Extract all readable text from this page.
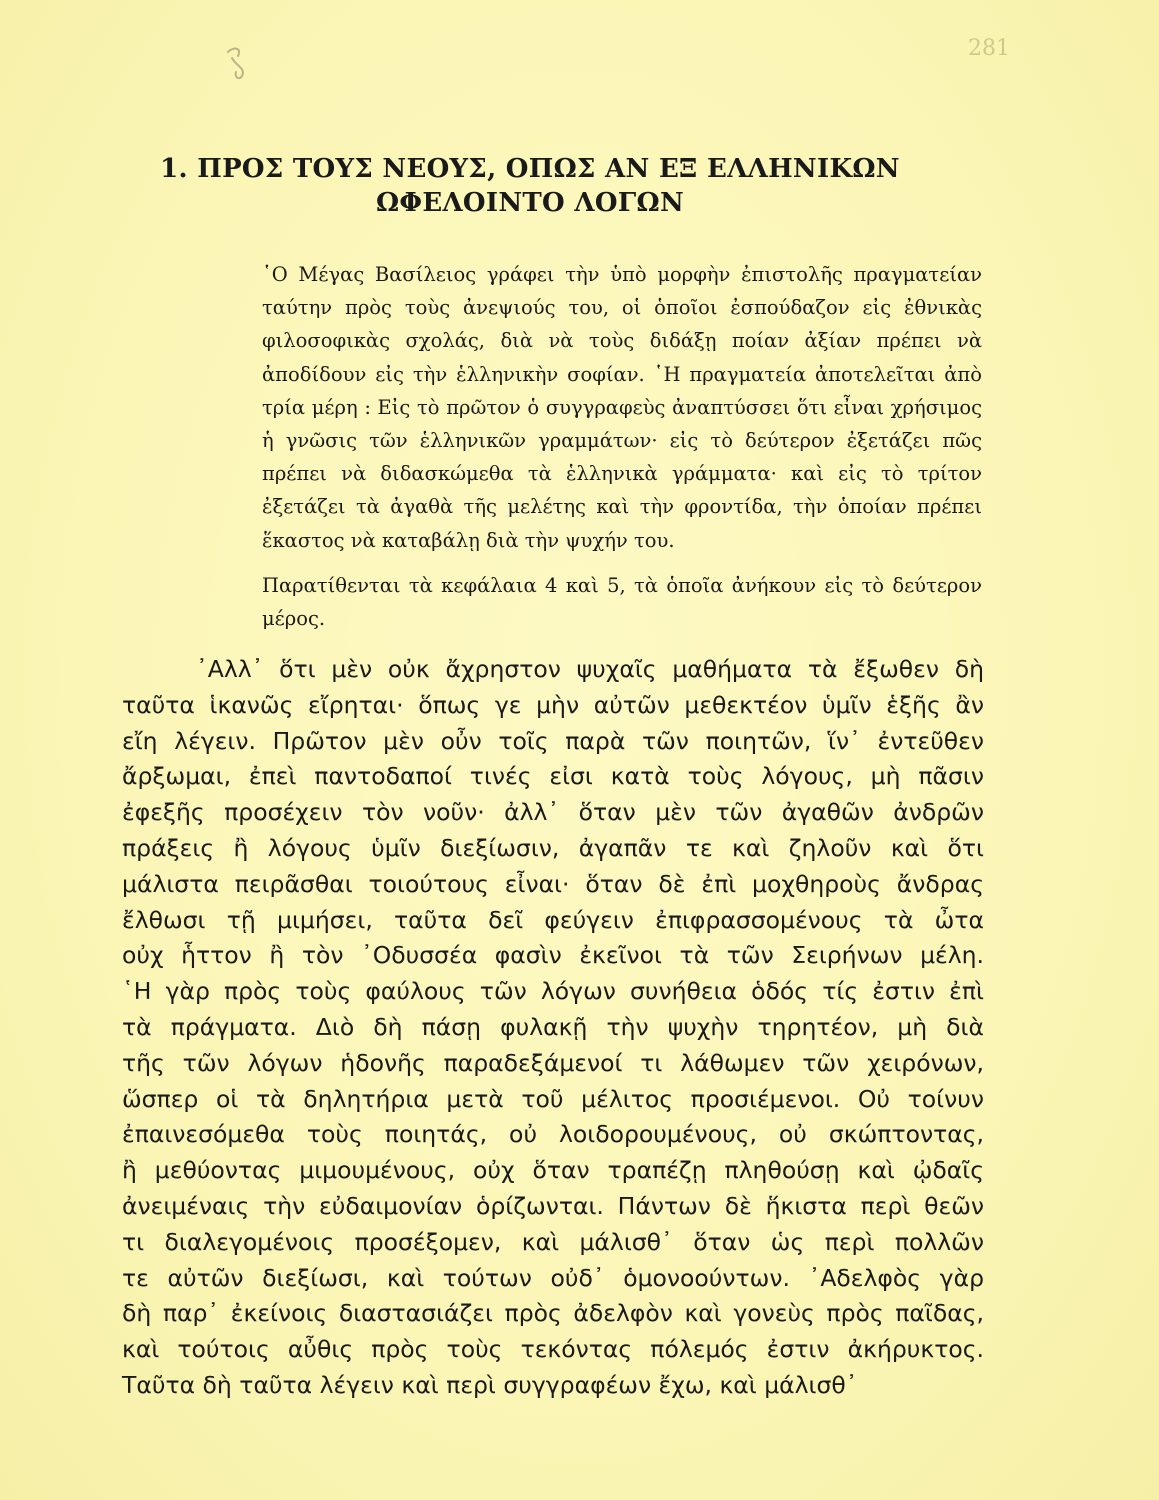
281
1. ΠΡΟΣ ΤΟΥΣ ΝΕΟΥΣ, ΟΠΩΣ ΑΝ ΕΞ ΕΛΛΗΝΙΚΩΝ
ΩΦΕΛΟΙΝΤΟ ΛΟΓΩΝ

῾Ο Μέγας Βασίλειος γράφει τὴν ὑπὸ μορφὴν ἐπιστολῆς πραγματείαν ταύτην πρὸς τοὺς ἀνεψιούς του, οἱ ὁποῖοι ἐσπούδαζον εἰς ἐθνικὰς φιλοσοφικὰς σχολάς, διὰ νὰ τοὺς διδάξῃ ποίαν ἀξίαν πρέπει νὰ ἀποδίδουν εἰς τὴν ἑλληνικὴν σοφίαν. ῾Η πραγματεία ἀποτελεῖται ἀπὸ τρία μέρη : Εἰς τὸ πρῶτον ὁ συγγραφεὺς ἀναπτύσσει ὅτι εἶναι χρήσιμος ἡ γνῶσις τῶν ἑλληνικῶν γραμμάτων· εἰς τὸ δεύτερον ἐξετάζει πῶς πρέπει νὰ διδασκώμεθα τὰ ἑλληνικὰ γράμματα· καὶ εἰς τὸ τρίτον ἐξετάζει τὰ ἀγαθὰ τῆς μελέτης καὶ τὴν φροντίδα, τὴν ὁποίαν πρέπει ἕκαστος νὰ καταβάλῃ διὰ τὴν ψυχήν του.

Παρατίθενται τὰ κεφάλαια 4 καὶ 5, τὰ ὁποῖα ἀνήκουν εἰς τὸ δεύτερον μέρος.

᾿Αλλ᾿ ὅτι μὲν οὐκ ἄχρηστον ψυχαῖς μαθήματα τὰ ἔξωθεν δὴ
ταῦτα ἱκανῶς εἴρηται· ὅπως γε μὴν αὐτῶν μεθεκτέον ὑμῖν ἑξῆς ἂν
εἴη λέγειν. Πρῶτον μὲν οὖν τοῖς παρὰ τῶν ποιητῶν, ἵν᾿ ἐντεῦθεν
ἄρξωμαι, ἐπεὶ παντοδαποί τινές εἰσι κατὰ τοὺς λόγους, μὴ πᾶσιν
ἐφεξῆς προσέχειν τὸν νοῦν· ἀλλ᾿ ὅταν μὲν τῶν ἀγαθῶν ἀνδρῶν
πράξεις ἢ λόγους ὑμῖν διεξίωσιν, ἀγαπᾶν τε καὶ ζηλοῦν καὶ ὅτι
μάλιστα πειρᾶσθαι τοιούτους εἶναι· ὅταν δὲ ἐπὶ μοχθηροὺς ἄνδρας
ἔλθωσι τῇ μιμήσει, ταῦτα δεῖ φεύγειν ἐπιφρασσομένους τὰ ὦτα
οὐχ ἧττον ἢ τὸν ᾿Οδυσσέα φασὶν ἐκεῖνοι τὰ τῶν Σειρήνων μέλη.
῾Η γὰρ πρὸς τοὺς φαύλους τῶν λόγων συνήθεια ὁδός τίς ἐστιν ἐπὶ
τὰ πράγματα. Διὸ δὴ πάσῃ φυλακῇ τὴν ψυχὴν τηρητέον, μὴ διὰ
τῆς τῶν λόγων ἡδονῆς παραδεξάμενοί τι λάθωμεν τῶν χειρόνων,
ὥσπερ οἱ τὰ δηλητήρια μετὰ τοῦ μέλιτος προσιέμενοι. Οὐ τοίνυν
ἐπαινεσόμεθα τοὺς ποιητάς, οὐ λοιδορουμένους, οὐ σκώπτοντας,
ἢ μεθύοντας μιμουμένους, οὐχ ὅταν τραπέζῃ πληθούσῃ καὶ ᾠδαῖς
ἀνειμέναις τὴν εὐδαιμονίαν ὁρίζωνται. Πάντων δὲ ἥκιστα περὶ θεῶν
τι διαλεγομένοις προσέξομεν, καὶ μάλισθ᾿ ὅταν ὡς περὶ πολλῶν
τε αὐτῶν διεξίωσι, καὶ τούτων οὐδ᾿ ὁμονοούντων. ᾿Αδελφὸς γὰρ
δὴ παρ᾿ ἐκείνοις διαστασιάζει πρὸς ἀδελφὸν καὶ γονεὺς πρὸς παῖδας,
καὶ τούτοις αὖθις πρὸς τοὺς τεκόντας πόλεμός ἐστιν ἀκήρυκτος.
Ταῦτα δὴ ταῦτα λέγειν καὶ περὶ συγγραφέων ἔχω, καὶ μάλισθ᾿
